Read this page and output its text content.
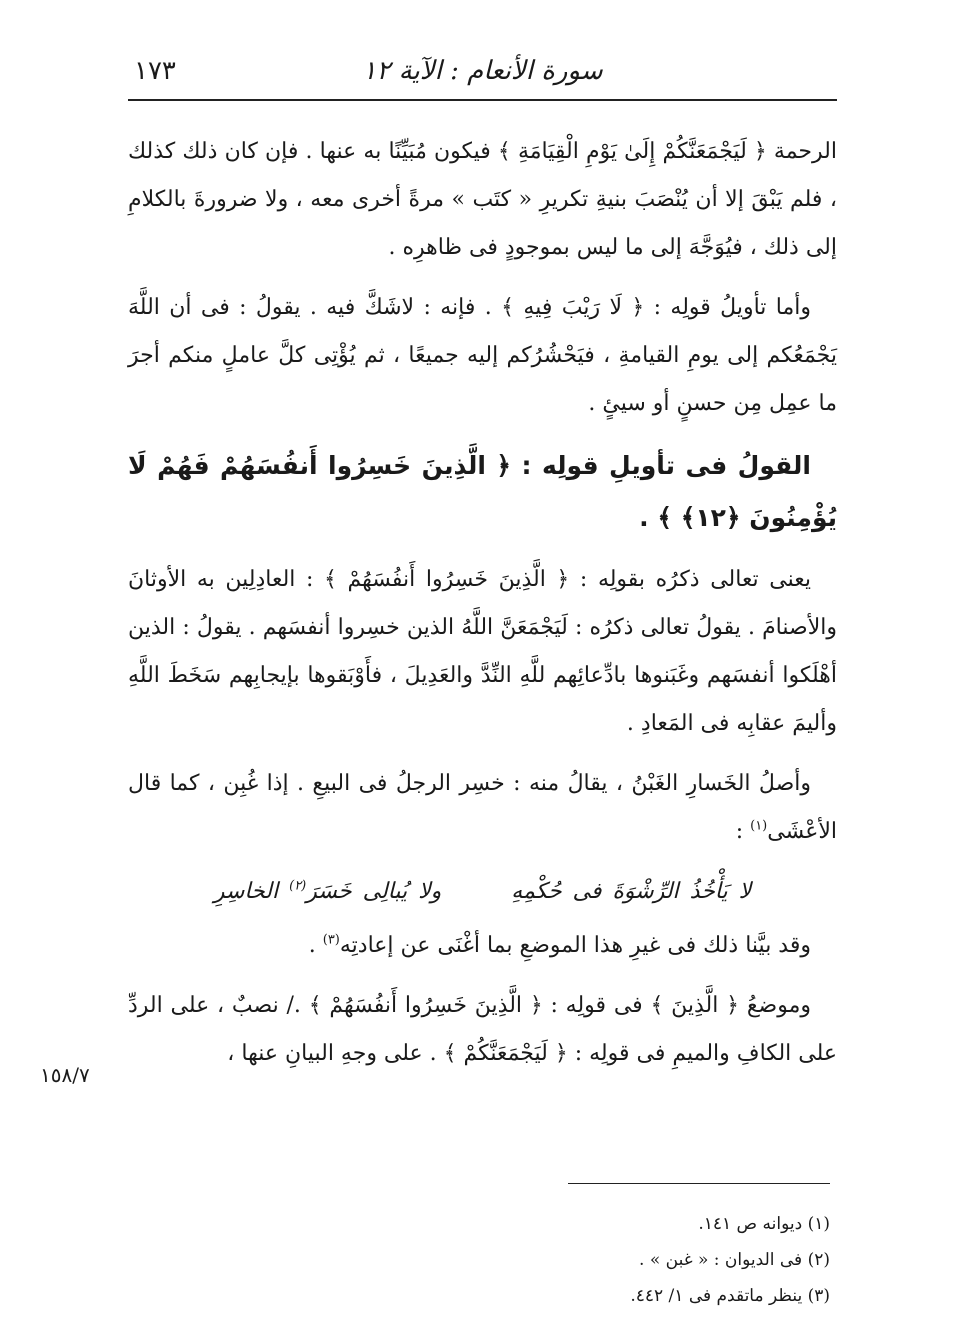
١٧٣	سورة الأنعام : الآية ١٢

الرحمة ﴿ لَيَجْمَعَنَّكُمْ إِلَىٰ يَوْمِ الْقِيَامَةِ ﴾ فيكون مُبَيِّنًا به عنها . فإن كان ذلك كذلك ، فلم يَبْقَ إلا أن يُنْصَبَ بنيةِ تكريرِ « كتَب » مرةً أخرى معه ، ولا ضرورةَ بالكلامِ إلى ذلك ، فيُوَجَّهَ إلى ما ليس بموجودٍ فى ظاهرِه .

وأما تأويلُ قولِه : ﴿ لَا رَيْبَ فِيهِ ﴾ . فإنه : لاشَكَّ فيه . يقولُ : فى أن اللَّهَ يَجْمَعُكم إلى يومِ القيامةِ ، فيَحْشُرُكم إليه جميعًا ، ثم يُؤْتِى كلَّ عاملٍ منكم أجرَ ما عمِل مِن حسنٍ أو سيئٍ .

القولُ فى تأويلِ قولِه : ﴿ الَّذِينَ خَسِرُوا أَنفُسَهُمْ فَهُمْ لَا يُؤْمِنُونَ ﴿١٢﴾ ﴾ .

يعنى تعالى ذكرُه بقولِه : ﴿ الَّذِينَ خَسِرُوا أَنفُسَهُمْ ﴾ : العادِلِين به الأوثانَ والأصنامَ . يقولُ تعالى ذكرُه : لَيَجْمَعَنَّ اللَّهُ الذين خسِروا أنفسَهم . يقولُ : الذين أهْلَكوا أنفسَهم وغَبَنوها بادِّعائِهم للَّهِ النِّدَّ والعَدِيلَ ، فأَوْبَقوها بإيجابِهم سَخَطَ اللَّهِ وأليمَ عقابِه فى المَعادِ .

وأصلُ الخَسارِ الغَبْنُ ، يقالُ منه : خسِر الرجلُ فى البيعِ . إذا غُبِن ، كما قال الأعْشَى$^{(١)}$ :

لا يَأْخُذُ الرِّشْوَةَ فى حُكْمِهِولا يُبالِى خَسَرَ$^{(٢)}$ الخاسِرِ

وقد بيَّنا ذلك فى غيرِ هذا الموضعِ بما أغْنَى عن إعادتِه$^{(٣)}$ .

وموضعُ ﴿ الَّذِينَ ﴾ فى قولِه : ﴿ الَّذِينَ خَسِرُوا أَنفُسَهُمْ ﴾ ./ نصبٌ ، على الردِّ على الكافِ والميمِ فى قولِه : ﴿ لَيَجْمَعَنَّكُمْ ﴾ . على وجهِ البيانِ عنها ،

١٥٨/٧
(١) ديوانه ص ١٤١.
(٢) فى الديوان : « غبن » .
(٣) ينظر ماتقدم فى ١/ ٤٤٢.
